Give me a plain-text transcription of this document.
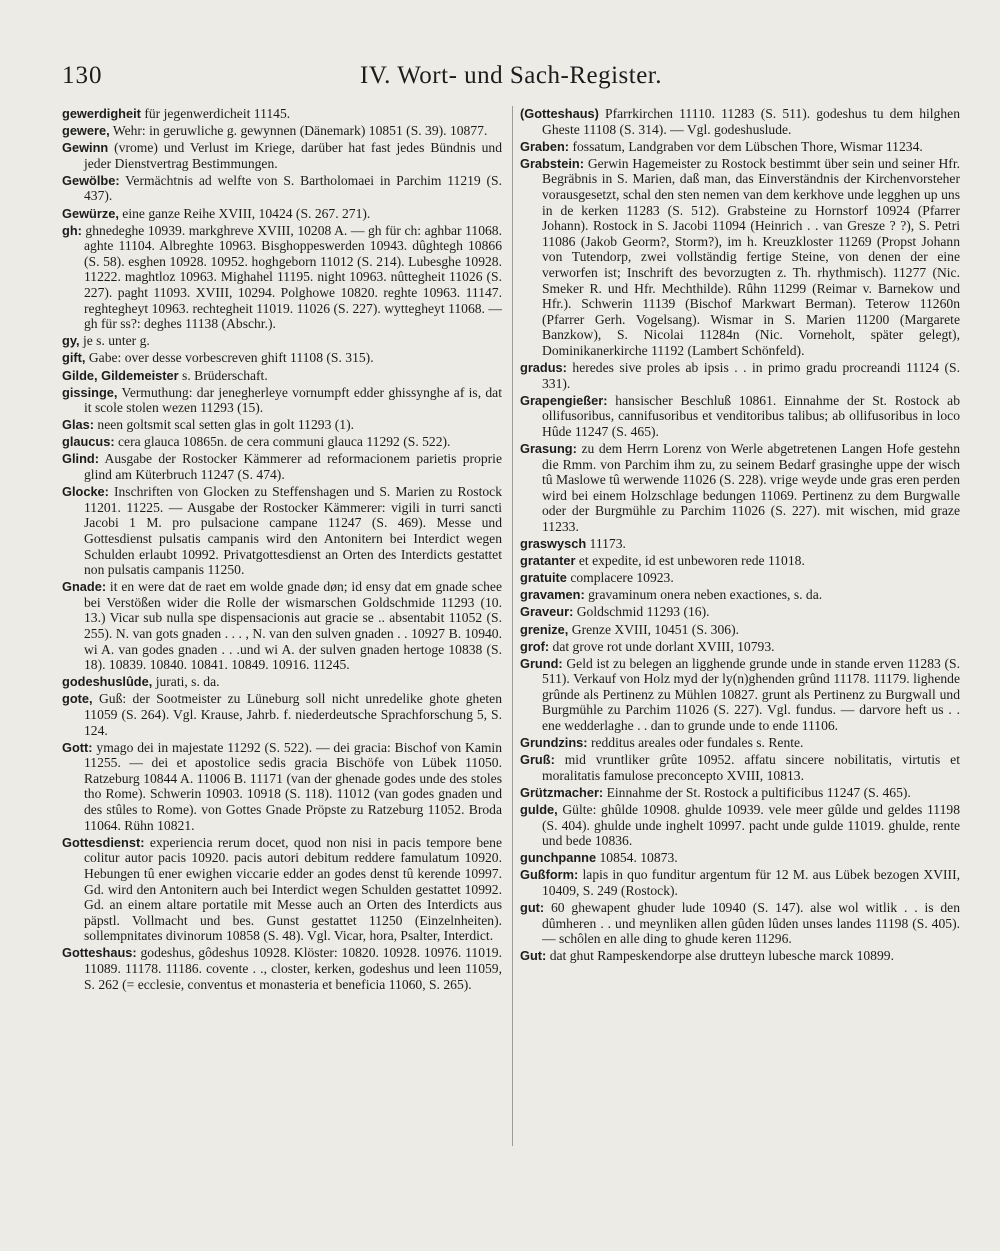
130	IV. Wort- und Sach-Register.

gewerdigheit für jegenwerdicheit 11145.

gewere, Wehr: in geruwliche g. gewynnen (Dänemark) 10851 (S. 39). 10877.

Gewinn (vrome) und Verlust im Kriege, darüber hat fast jedes Bündnis und jeder Dienstvertrag Bestimmungen.

Gewölbe: Vermächtnis ad welfte von S. Bartholomaei in Parchim 11219 (S. 437).

Gewürze, eine ganze Reihe XVIII, 10424 (S. 267. 271).

gh: ghnedeghe 10939. markghreve XVIII, 10208 A. — gh für ch: aghbar 11068. aghte 11104. Albreghte 10963. Bisghoppeswerden 10943. dûghtegh 10866 (S. 58). esghen 10928. 10952. hoghgeborn 11012 (S. 214). Lubesghe 10928. 11222. maghtloz 10963. Mighahel 11195. night 10963. nûttegheit 11026 (S. 227). paght 11093. XVIII, 10294. Polghowe 10820. reghte 10963. 11147. reghtegheyt 10963. rechtegheit 11019. 11026 (S. 227). wyttegheyt 11068. — gh für ss?: deghes 11138 (Abschr.).

gy, je s. unter g.

gift, Gabe: over desse vorbescreven ghift 11108 (S. 315).

Gilde, Gildemeister s. Brüderschaft.

gissinge, Vermuthung: dar jenegherleye vornumpft edder ghissynghe af is, dat it scole stolen wezen 11293 (15).

Glas: neen goltsmit scal setten glas in golt 11293 (1).

glaucus: cera glauca 10865n. de cera communi glauca 11292 (S. 522).

Glind: Ausgabe der Rostocker Kämmerer ad reformacionem parietis proprie glind am Küterbruch 11247 (S. 474).

Glocke: Inschriften von Glocken zu Steffenshagen und S. Marien zu Rostock 11201. 11225. — Ausgabe der Rostocker Kämmerer: vigili in turri sancti Jacobi 1 M. pro pulsacione campane 11247 (S. 469). Messe und Gottesdienst pulsatis campanis wird den Antonitern bei Interdict wegen Schulden erlaubt 10992. Privatgottesdienst an Orten des Interdicts gestattet non pulsatis campanis 11250.

Gnade: it en were dat de raet em wolde gnade døn; id ensy dat em gnade schee bei Verstößen wider die Rolle der wismarschen Goldschmide 11293 (10. 13.) Vicar sub nulla spe dispensacionis aut gracie se .. absentabit 11052 (S. 255). N. van gots gnaden . . . , N. van den sulven gnaden . . 10927 B. 10940. wi A. van godes gnaden . . .und wi A. der sulven gnaden hertoge 10838 (S. 18). 10839. 10840. 10841. 10849. 10916. 11245.

godeshuslûde, jurati, s. da.

gote, Guß: der Sootmeister zu Lüneburg soll nicht unredelike ghote gheten 11059 (S. 264). Vgl. Krause, Jahrb. f. niederdeutsche Sprachforschung 5, S. 124.

Gott: ymago dei in majestate 11292 (S. 522). — dei gracia: Bischof von Kamin 11255. — dei et apostolice sedis gracia Bischöfe von Lübek 11050. Ratzeburg 10844 A. 11006 B. 11171 (van der ghenade godes unde des stoles tho Rome). Schwerin 10903. 10918 (S. 118). 11012 (van godes gnaden und des stûles to Rome). von Gottes Gnade Pröpste zu Ratzeburg 11052. Broda 11064. Rühn 10821.

Gottesdienst: experiencia rerum docet, quod non nisi in pacis tempore bene colitur autor pacis 10920. pacis autori debitum reddere famulatum 10920. Hebungen tû ener ewighen viccarie edder an godes denst tû kerende 10997. Gd. wird den Antonitern auch bei Interdict wegen Schulden gestattet 10992. Gd. an einem altare portatile mit Messe auch an Orten des Interdicts aus päpstl. Vollmacht und bes. Gunst gestattet 11250 (Einzelnheiten). sollempnitates divinorum 10858 (S. 48). Vgl. Vicar, hora, Psalter, Interdict.

Gotteshaus: godeshus, gôdeshus 10928. Klöster: 10820. 10928. 10976. 11019. 11089. 11178. 11186. covente . ., closter, kerken, godeshus und leen 11059, S. 262 (= ecclesie, conventus et monasteria et beneficia 11060, S. 265).

(Gotteshaus) Pfarrkirchen 11110. 11283 (S. 511). godeshus tu dem hilghen Gheste 11108 (S. 314). — Vgl. godeshuslude.

Graben: fossatum, Landgraben vor dem Lübschen Thore, Wismar 11234.

Grabstein: Gerwin Hagemeister zu Rostock bestimmt über sein und seiner Hfr. Begräbnis in S. Marien, daß man, das Einverständnis der Kirchenvorsteher vorausgesetzt, schal den sten nemen van dem kerkhove unde legghen up uns in de kerken 11283 (S. 512). Grabsteine zu Hornstorf 10924 (Pfarrer Johann). Rostock in S. Jacobi 11094 (Heinrich . . van Gresze ? ?), S. Petri 11086 (Jakob Georm?, Storm?), im h. Kreuzkloster 11269 (Propst Johann von Tutendorp, zwei vollständig fertige Steine, von denen der eine verworfen ist; Inschrift des bevorzugten z. Th. rhythmisch). 11277 (Nic. Smeker R. und Hfr. Mechthilde). Rûhn 11299 (Reimar v. Barnekow und Hfr.). Schwerin 11139 (Bischof Markwart Berman). Teterow 11260n (Pfarrer Gerh. Vogelsang). Wismar in S. Marien 11200 (Margarete Banzkow), S. Nicolai 11284n (Nic. Vorneholt, später gelegt), Dominikanerkirche 11192 (Lambert Schönfeld).

gradus: heredes sive proles ab ipsis . . in primo gradu procreandi 11124 (S. 331).

Grapengießer: hansischer Beschluß 10861. Einnahme der St. Rostock ab ollifusoribus, cannifusoribus et venditoribus talibus; ab ollifusoribus in loco Hûde 11247 (S. 465).

Grasung: zu dem Herrn Lorenz von Werle abgetretenen Langen Hofe gestehn die Rmm. von Parchim ihm zu, zu seinem Bedarf grasinghe uppe der wisch tû Maslowe tû werwende 11026 (S. 228). vrige weyde unde gras eren perden wird bei einem Holzschlage bedungen 11069. Pertinenz zu dem Burgwalle oder der Burgmühle zu Parchim 11026 (S. 227). mit wischen, mid graze 11233.

graswysch 11173.

gratanter et expedite, id est unbeworen rede 11018.

gratuite complacere 10923.

gravamen: gravaminum onera neben exactiones, s. da.

Graveur: Goldschmid 11293 (16).

grenize, Grenze XVIII, 10451 (S. 306).

grof: dat grove rot unde dorlant XVIII, 10793.

Grund: Geld ist zu belegen an ligghende grunde unde in stande erven 11283 (S. 511). Verkauf von Holz myd der ly(n)ghenden grûnd 11178. 11179. lighende grûnde als Pertinenz zu Mühlen 10827. grunt als Pertinenz zu Burgwall und Burgmühle zu Parchim 11026 (S. 227). Vgl. fundus. — darvore heft us . . ene wedderlaghe . . dan to grunde unde to ende 11106.

Grundzins: redditus areales oder fundales s. Rente.

Gruß: mid vruntliker grûte 10952. affatu sincere nobilitatis, virtutis et moralitatis famulose preconcepto XVIII, 10813.

Grützmacher: Einnahme der St. Rostock a pultificibus 11247 (S. 465).

gulde, Gülte: ghûlde 10908. ghulde 10939. vele meer gûlde und geldes 11198 (S. 404). ghulde unde inghelt 10997. pacht unde gulde 11019. ghulde, rente und bede 10836.

gunchpanne 10854. 10873.

Gußform: lapis in quo funditur argentum für 12 M. aus Lübek bezogen XVIII, 10409, S. 249 (Rostock).

gut: 60 ghewapent ghuder lude 10940 (S. 147). alse wol witlik . . is den dûmheren . . und meynliken allen gûden lûden unses landes 11198 (S. 405). — schôlen en alle ding to ghude keren 11296.

Gut: dat ghut Rampeskendorpe alse drutteyn lubesche marck 10899.
